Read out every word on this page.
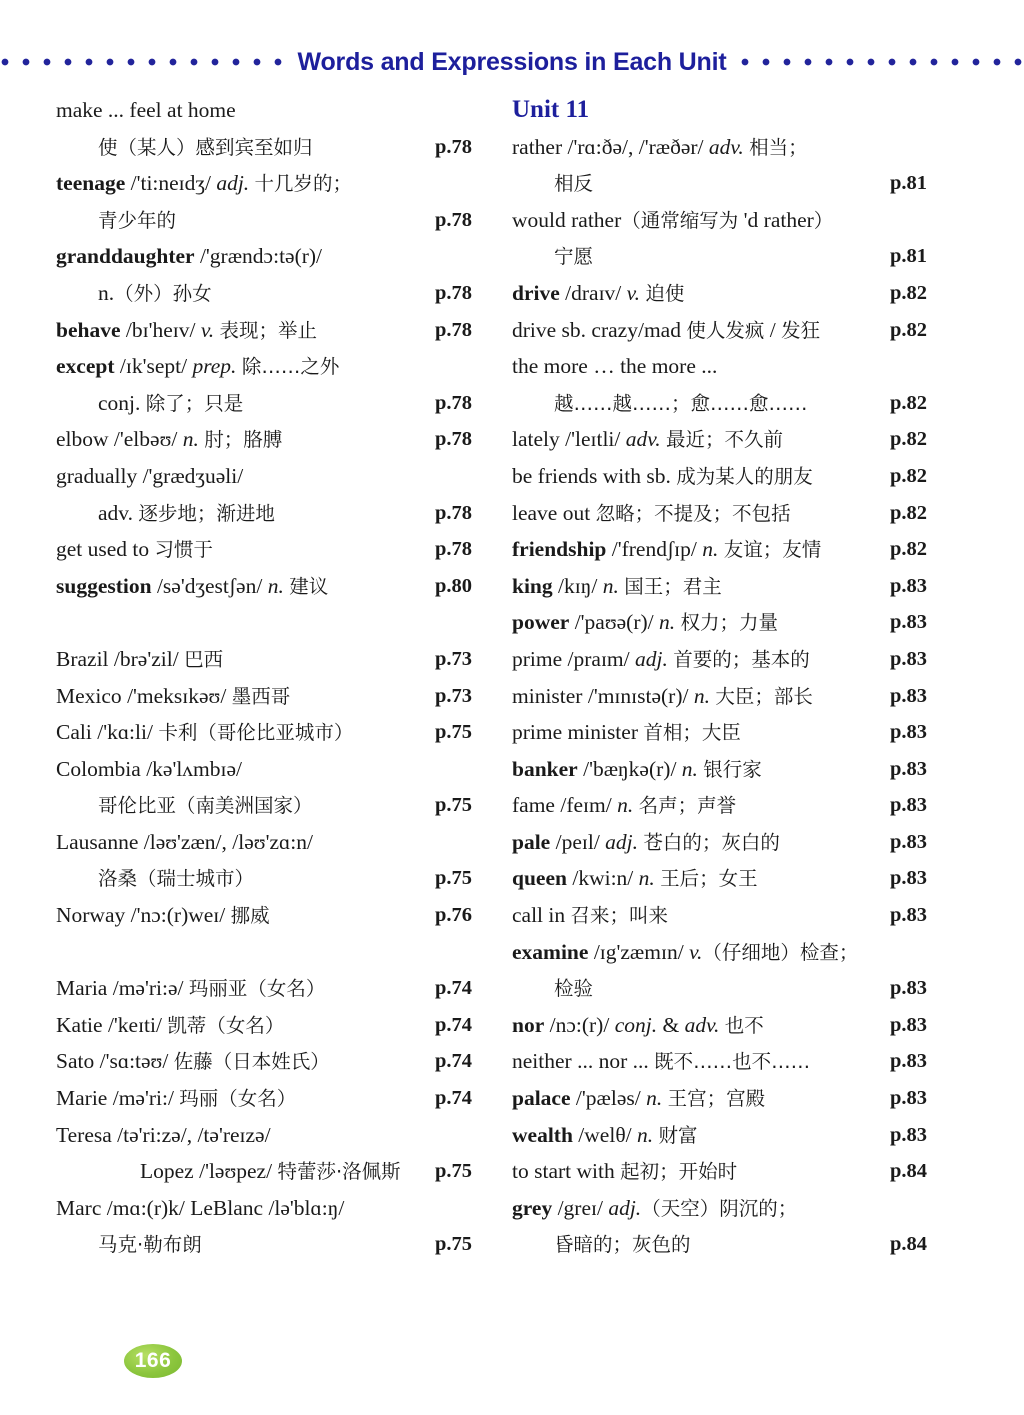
Words and Expressions in Each Unit
make ... feel at home
使（某人）感到宾至如归	p.78
teenage /'ti:neɪdʒ/ adj. 十几岁的；
青少年的	p.78
granddaughter /'grændɔ:tə(r)/
n.（外）孙女	p.78
behave /bɪ'heɪv/ v. 表现；举止	p.78
except /ɪk'sept/ prep. 除……之外
conj. 除了；只是	p.78
elbow /'elbəʊ/ n. 肘；胳膊	p.78
gradually /'grædʒuəli/
adv. 逐步地；渐进地	p.78
get used to 习惯于	p.78
suggestion /sə'dʒestʃən/ n. 建议	p.80
Brazil /brə'zil/ 巴西	p.73
Mexico /'meksɪkəʊ/ 墨西哥	p.73
Cali /'kɑ:li/ 卡利（哥伦比亚城市）	p.75
Colombia /kə'lʌmbɪə/
哥伦比亚（南美洲国家）	p.75
Lausanne /ləʊ'zæn/, /ləʊ'zɑ:n/
洛桑（瑞士城市）	p.75
Norway /'nɔ:(r)weɪ/ 挪威	p.76
Maria /mə'ri:ə/ 玛丽亚（女名）	p.74
Katie /'keɪti/ 凯蒂（女名）	p.74
Sato /'sɑ:təʊ/ 佐藤（日本姓氏）	p.74
Marie /mə'ri:/ 玛丽（女名）	p.74
Teresa /tə'ri:zə/, /tə'reɪzə/
Lopez /'ləʊpez/ 特蕾莎·洛佩斯 p.75
Marc /mɑ:(r)k/ LeBlanc /lə'blɑ:ŋ/
马克·勒布朗	p.75
Unit 11
rather /'rɑ:ðə/, /'ræðər/ adv. 相当；
相反	p.81
would rather（通常缩写为 'd rather）
宁愿	p.81
drive /draɪv/ v. 迫使	p.82
drive sb. crazy/mad 使人发疯 / 发狂	p.82
the more … the more ...
越……越……；愈……愈……	p.82
lately /'leɪtli/ adv. 最近；不久前	p.82
be friends with sb. 成为某人的朋友	p.82
leave out 忽略；不提及；不包括	p.82
friendship /'frendʃɪp/ n. 友谊；友情	p.82
king /kɪŋ/ n. 国王；君主	p.83
power /'paʊə(r)/ n. 权力；力量	p.83
prime /praɪm/ adj. 首要的；基本的	p.83
minister /'mɪnɪstə(r)/ n. 大臣；部长	p.83
prime minister 首相；大臣	p.83
banker /'bæŋkə(r)/ n. 银行家	p.83
fame /feɪm/ n. 名声；声誉	p.83
pale /peɪl/ adj. 苍白的；灰白的	p.83
queen /kwi:n/ n. 王后；女王	p.83
call in 召来；叫来	p.83
examine /ɪg'zæmɪn/ v.（仔细地）检查；
检验	p.83
nor /nɔ:(r)/ conj. & adv. 也不	p.83
neither ... nor ... 既不……也不……	p.83
palace /'pæləs/ n. 王宫；宫殿	p.83
wealth /welθ/ n. 财富	p.83
to start with 起初；开始时	p.84
grey /greɪ/ adj.（天空）阴沉的；
昏暗的；灰色的	p.84
166
